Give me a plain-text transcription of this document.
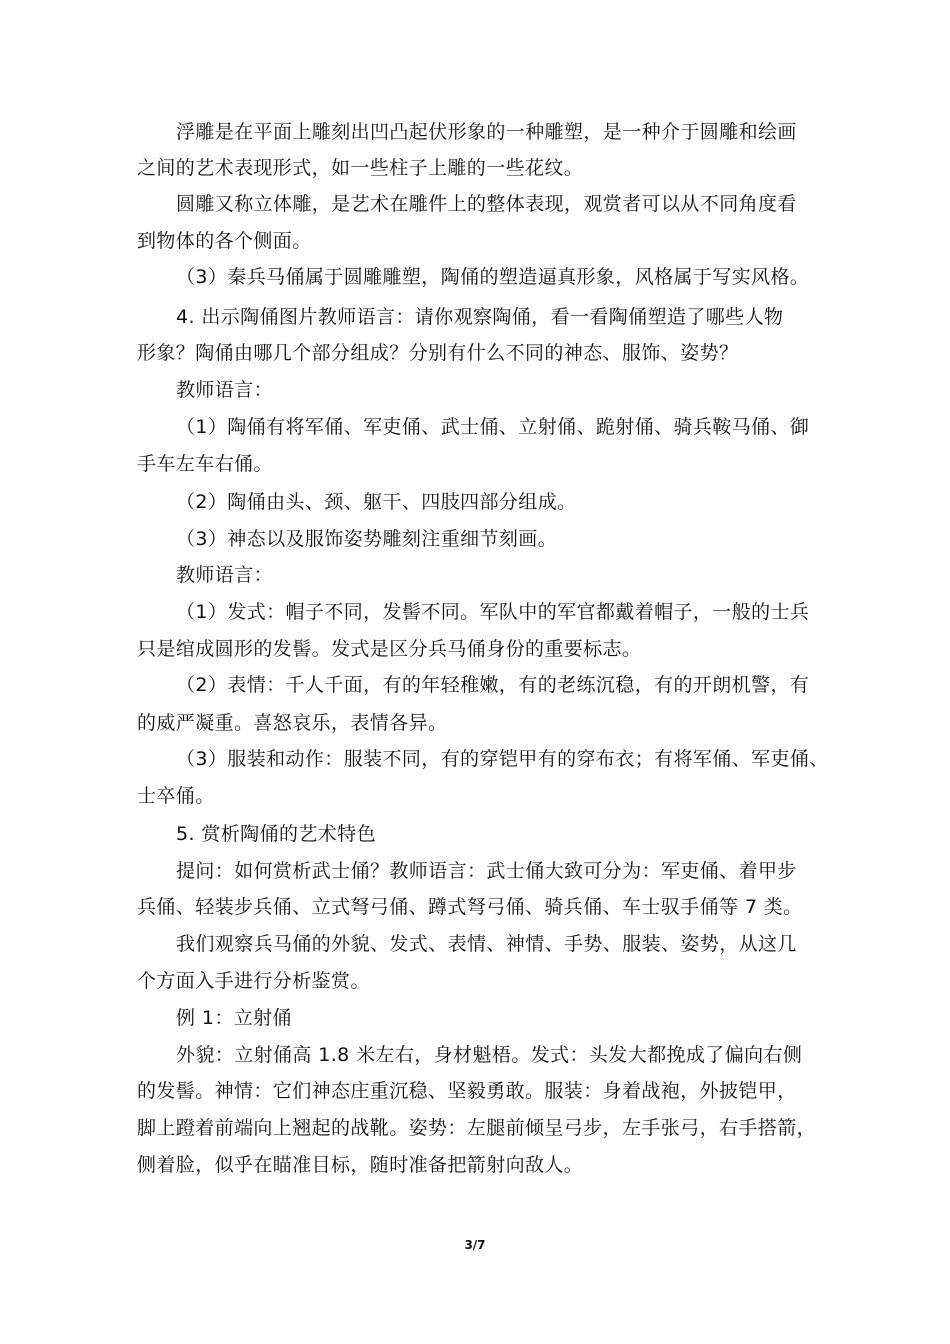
浮雕是在平面上雕刻出凹凸起伏形象的一种雕塑，是一种介于圆雕和绘画
之间的艺术表现形式，如一些柱子上雕的一些花纹。
圆雕又称立体雕，是艺术在雕件上的整体表现，观赏者可以从不同角度看
到物体的各个侧面。
（3）秦兵马俑属于圆雕雕塑，陶俑的塑造逼真形象，风格属于写实风格。
4. 出示陶俑图片教师语言：请你观察陶俑，看一看陶俑塑造了哪些人物
形象？陶俑由哪几个部分组成？分别有什么不同的神态、服饰、姿势？
教师语言：
（1）陶俑有将军俑、军吏俑、武士俑、立射俑、跪射俑、骑兵鞍马俑、御
手车左车右俑。
（2）陶俑由头、颈、躯干、四肢四部分组成。
（3）神态以及服饰姿势雕刻注重细节刻画。
教师语言：
（1）发式：帽子不同，发髻不同。军队中的军官都戴着帽子，一般的士兵
只是绾成圆形的发髻。发式是区分兵马俑身份的重要标志。
（2）表情：千人千面，有的年轻稚嫩，有的老练沉稳，有的开朗机警，有
的威严凝重。喜怒哀乐，表情各异。
（3）服装和动作：服装不同，有的穿铠甲有的穿布衣；有将军俑、军吏俑、
士卒俑。
5. 赏析陶俑的艺术特色
提问：如何赏析武士俑？教师语言：武士俑大致可分为：军吏俑、着甲步
兵俑、轻装步兵俑、立式弩弓俑、蹲式弩弓俑、骑兵俑、车士驭手俑等 7 类。
我们观察兵马俑的外貌、发式、表情、神情、手势、服装、姿势，从这几
个方面入手进行分析鉴赏。
例 1：立射俑
外貌：立射俑高 1.8 米左右，身材魁梧。发式：头发大都挽成了偏向右侧
的发髻。神情：它们神态庄重沉稳、坚毅勇敢。服装：身着战袍，外披铠甲，
脚上蹬着前端向上翘起的战靴。姿势：左腿前倾呈弓步，左手张弓，右手搭箭，
侧着脸，似乎在瞄准目标，随时准备把箭射向敌人。
3/7
